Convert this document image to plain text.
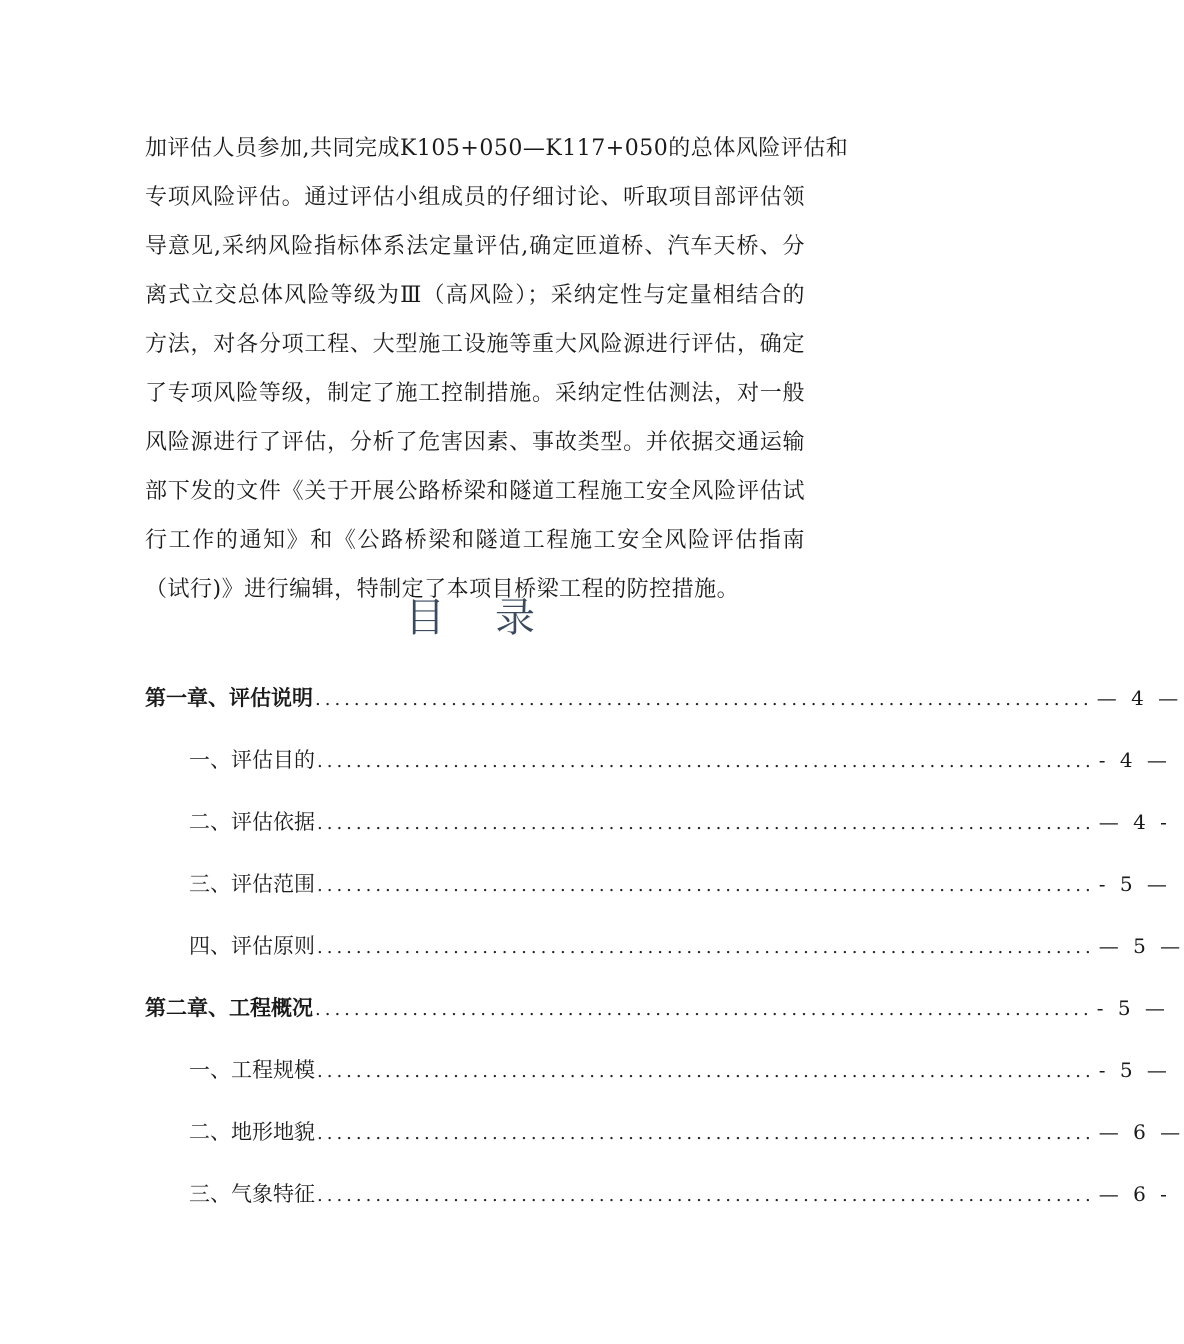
加评估人员参加,共同完成K105+050—K117+050的总体风险评估和
专项风险评估。通过评估小组成员的仔细讨论、听取项目部评估领
导意见,采纳风险指标体系法定量评估,确定匝道桥、汽车天桥、分
离式立交总体风险等级为Ⅲ（高风险）；采纳定性与定量相结合的
方法，对各分项工程、大型施工设施等重大风险源进行评估，确定
了专项风险等级，制定了施工控制措施。采纳定性估测法，对一般
风险源进行了评估，分析了危害因素、事故类型。并依据交通运输
部下发的文件《关于开展公路桥梁和隧道工程施工安全风险评估试
行工作的通知》和《公路桥梁和隧道工程施工安全风险评估指南
（试行)》进行编辑，特制定了本项目桥梁工程的防控措施。
目录
第一章、评估说明 ................................................................................ — 4 —
一、评估目的 ................................................................................ - 4 —
二、评估依据 ................................................................................ — 4 -
三、评估范围 ................................................................................ - 5 —
四、评估原则 ................................................................................ — 5 —
第二章、工程概况 ................................................................................ - 5 —
一、工程规模 ................................................................................ - 5 —
二、地形地貌 ................................................................................ — 6 —
三、气象特征 ................................................................................ — 6 -
